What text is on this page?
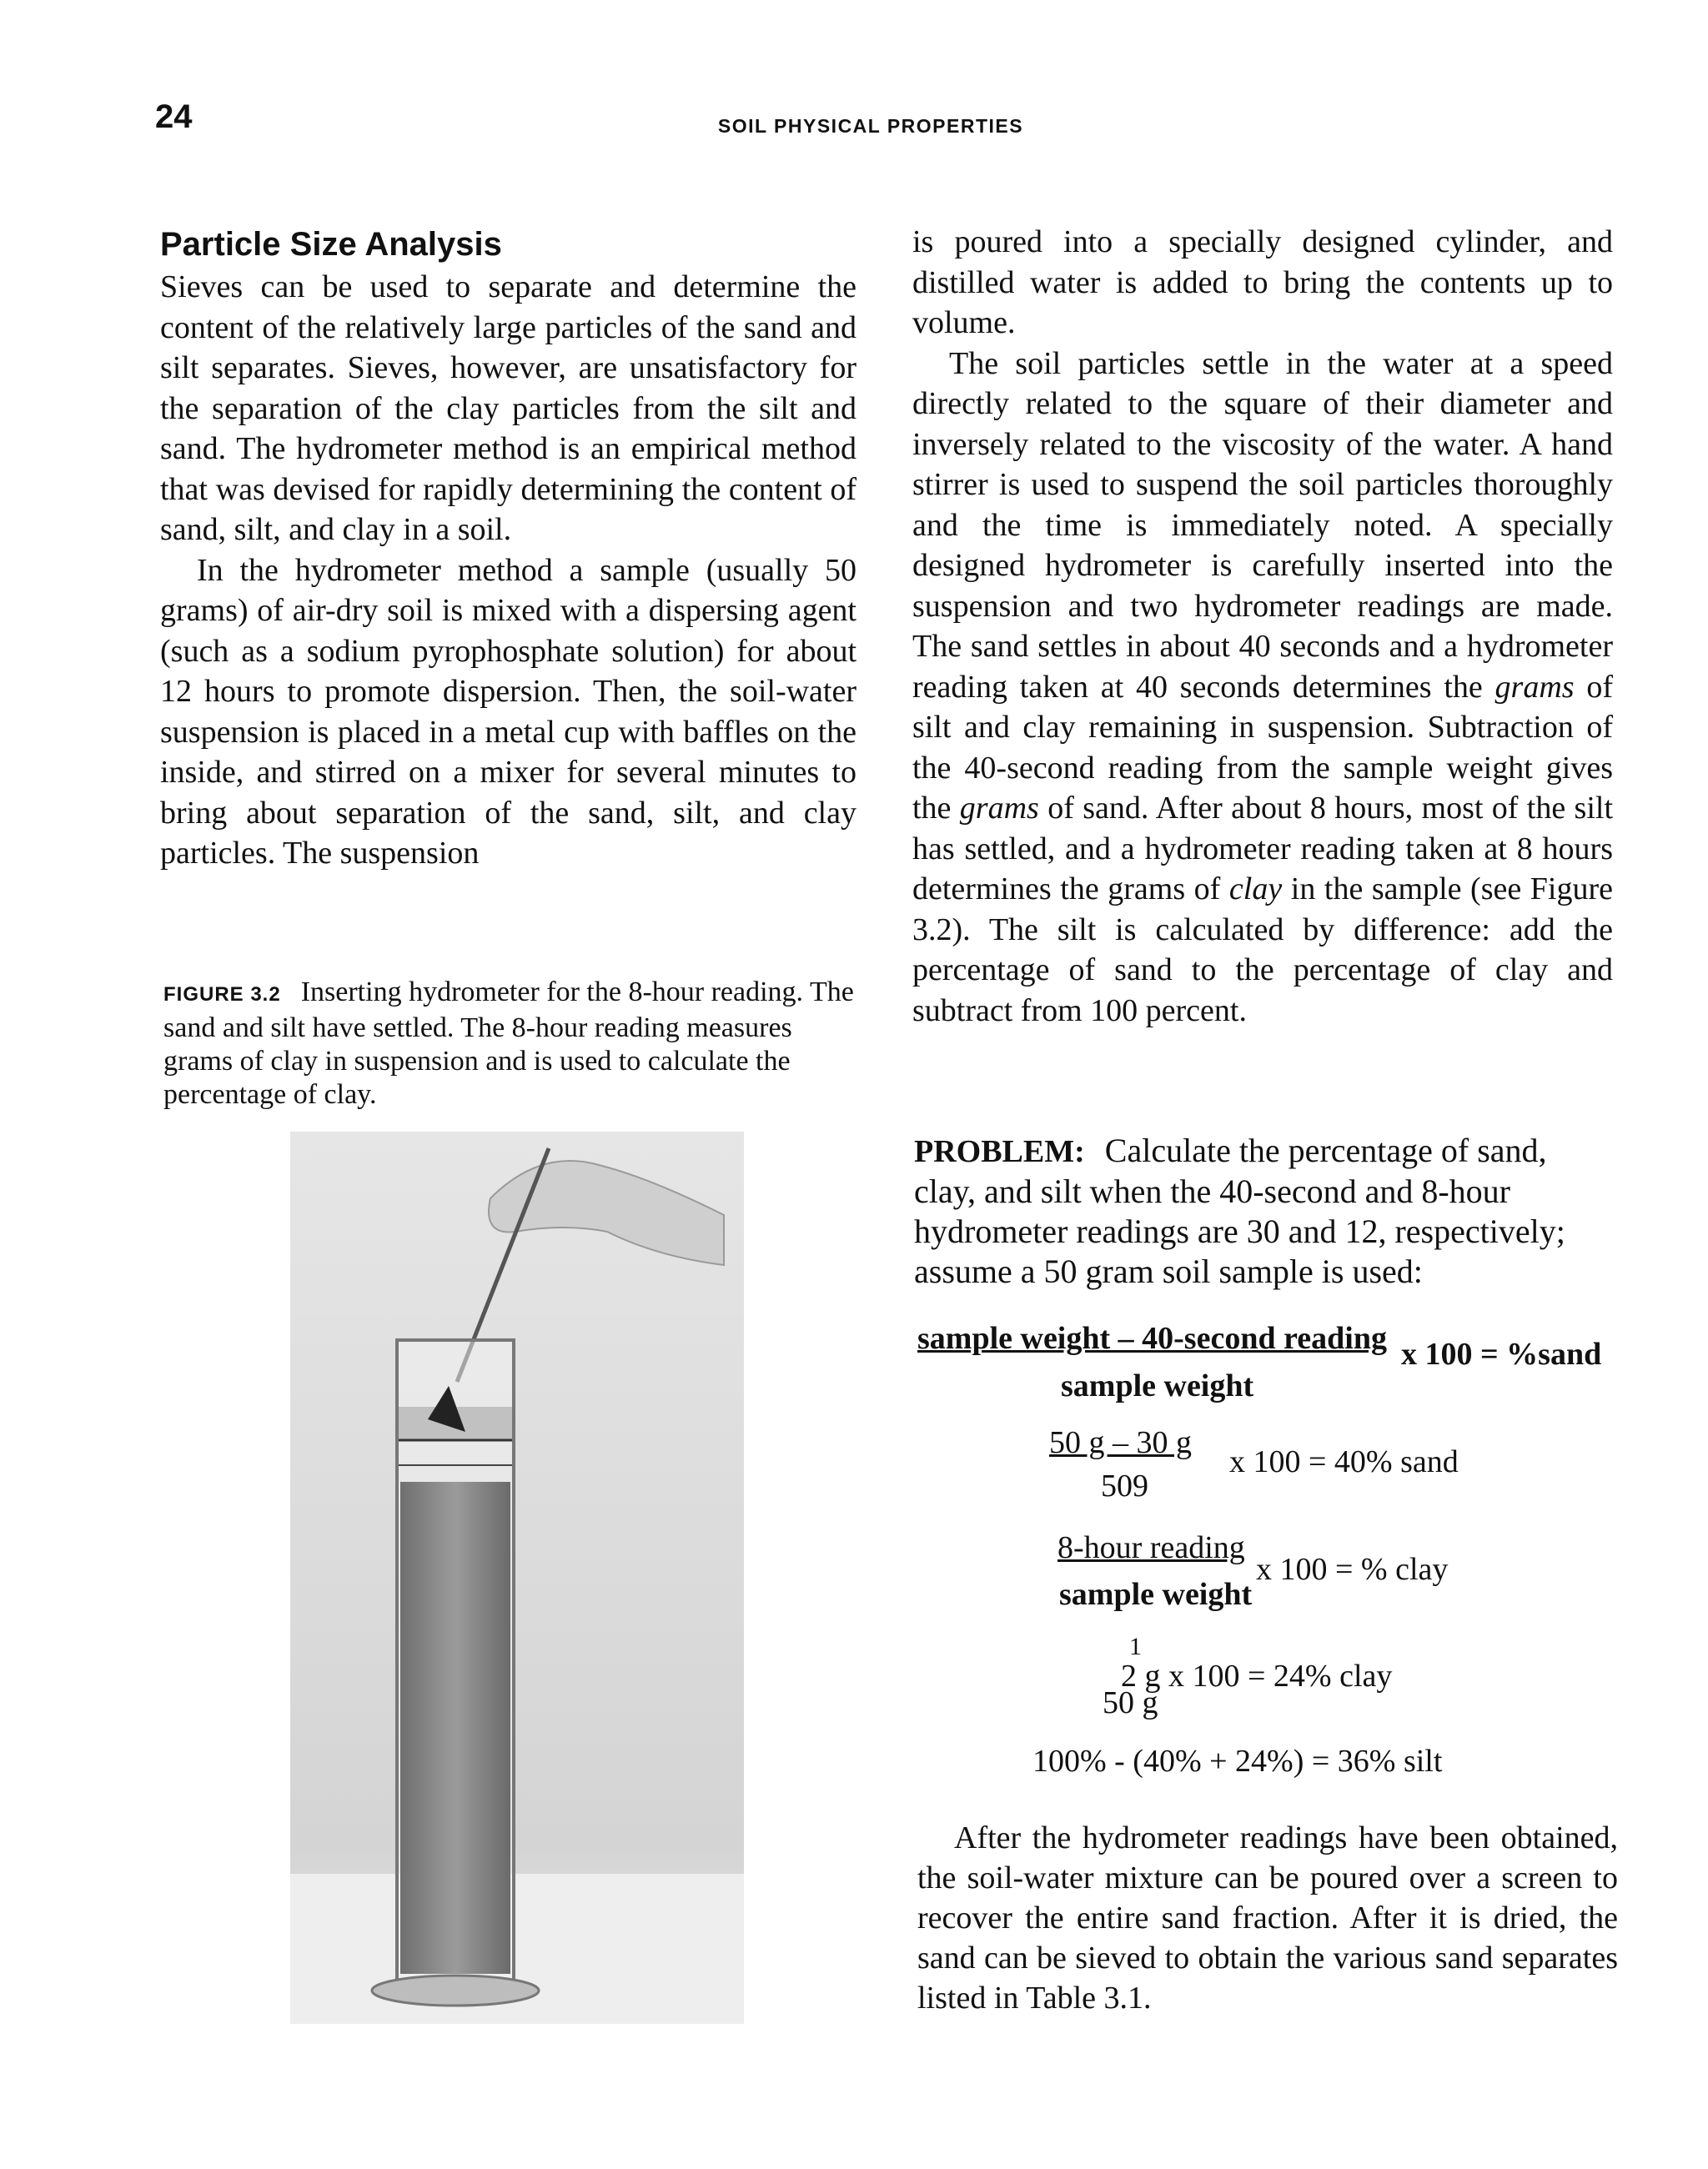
24	SOIL PHYSICAL PROPERTIES
Particle Size Analysis

Sieves can be used to separate and determine the content of the relatively large particles of the sand and silt separates. Sieves, however, are unsatisfactory for the separation of the clay particles from the silt and sand. The hydrometer method is an empirical method that was devised for rapidly determining the content of sand, silt, and clay in a soil.

In the hydrometer method a sample (usually 50 grams) of air-dry soil is mixed with a dispersing agent (such as a sodium pyrophosphate solution) for about 12 hours to promote dispersion. Then, the soil-water suspension is placed in a metal cup with baffles on the inside, and stirred on a mixer for several minutes to bring about separation of the sand, silt, and clay particles. The suspension

FIGURE 3.2 Inserting hydrometer for the 8-hour reading. The sand and silt have settled. The 8-hour reading measures grams of clay in suspension and is used to calculate the percentage of clay.

is poured into a specially designed cylinder, and distilled water is added to bring the contents up to volume.

The soil particles settle in the water at a speed directly related to the square of their diameter and inversely related to the viscosity of the water. A hand stirrer is used to suspend the soil particles thoroughly and the time is immediately noted. A specially designed hydrometer is carefully inserted into the suspension and two hydrometer readings are made. The sand settles in about 40 seconds and a hydrometer reading taken at 40 seconds determines the grams of silt and clay remaining in suspension. Subtraction of the 40-second reading from the sample weight gives the grams of sand. After about 8 hours, most of the silt has settled, and a hydrometer reading taken at 8 hours determines the grams of clay in the sample (see Figure 3.2). The silt is calculated by difference: add the percentage of sand to the percentage of clay and subtract from 100 percent.

PROBLEM: Calculate the percentage of sand, clay, and silt when the 40-second and 8-hour hydrometer readings are 30 and 12, respectively; assume a 50 gram soil sample is used:
sample weight – 40-second reading
sample weight
x 100 = %sand
50 g – 30 g
509
x 100 = 40% sand
8-hour reading
sample weight
x 100 = % clay
1
2 g x 100 = 24% clay
50 g
100% - (40% + 24%) = 36% silt

After the hydrometer readings have been obtained, the soil-water mixture can be poured over a screen to recover the entire sand fraction. After it is dried, the sand can be sieved to obtain the various sand separates listed in Table 3.1.
